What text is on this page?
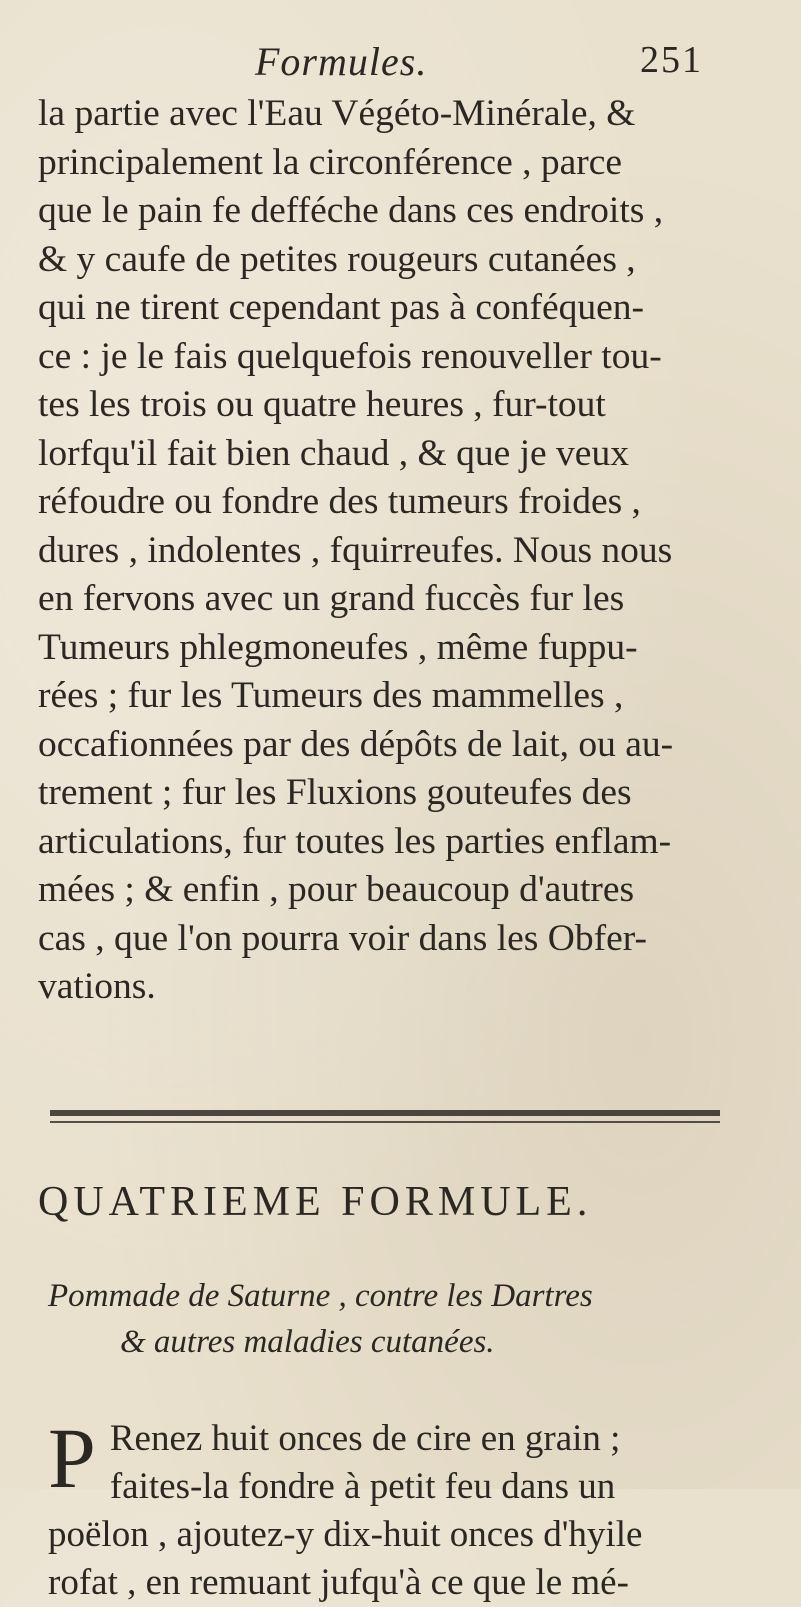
Formules.	251
la partie avec l'Eau Végéto-Minérale, &
principalement la circonférence , parce
que le pain fe defféche dans ces endroits ,
& y caufe de petites rougeurs cutanées ,
qui ne tirent cependant pas à conféquen-
ce : je le fais quelquefois renouveller tou-
tes les trois ou quatre heures , fur-tout
lorfqu'il fait bien chaud , & que je veux
réfoudre ou fondre des tumeurs froides ,
dures , indolentes , fquirreufes. Nous nous
en fervons avec un grand fuccès fur les
Tumeurs phlegmoneufes , même fuppu-
rées ; fur les Tumeurs des mammelles ,
occafionnées par des dépôts de lait, ou au-
trement ; fur les Fluxions gouteufes des
articulations, fur toutes les parties enflam-
mées ; & enfin , pour beaucoup d'autres
cas , que l'on pourra voir dans les Obfer-
vations.
QUATRIEME FORMULE.
Pommade de Saturne , contre les Dartres
& autres maladies cutanées.
P Renez huit onces de cire en grain ;
faites-la fondre à petit feu dans un
poëlon , ajoutez-y dix-huit onces d'hyile
rofat , en remuant jufqu'à ce que le mé-
